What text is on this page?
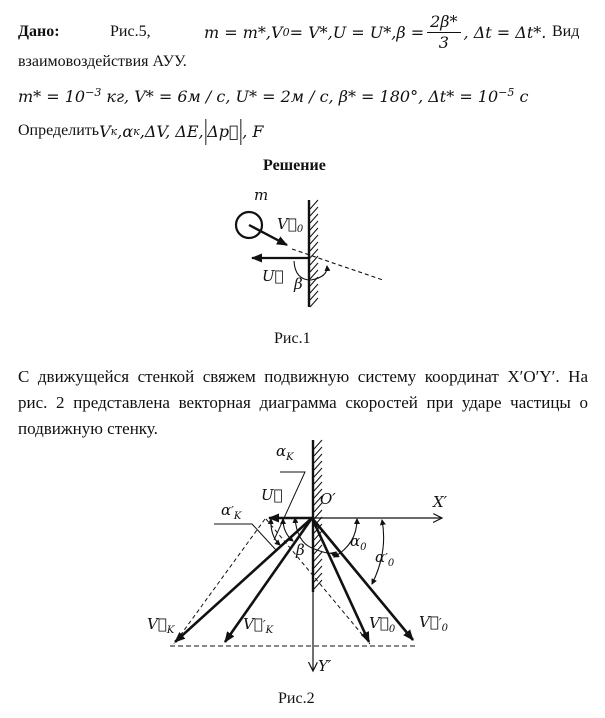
Дано:	Рис.5,	m = m*, V 0 = V*, U = U*, $\beta = \frac{2\beta*}{3}$ , Δt = Δt*. Вид
взаимовоздействия АУУ.
$m* = 10^{-3}$ кг, V* = 6м / с, U* = 2м / с, β* = 180°, $\Delta t* = 10^{-5}$ с
Определить V к , α к , ΔV, ΔE, | Δp⃗ | , F
Решение
m
$V⃗_0$
U⃗ β
$\alpha_K$
$\alpha'_K$
U⃗ O′	X′
Y′
β	$\alpha_0$
$\alpha'_0$
$V⃗_K$	$V⃗'_K$	$V⃗_0$ $V⃗'_0$
Рис.1
С движущейся стенкой свяжем подвижную систему координат X′O′Y′. На
рис. 2 представлена векторная диаграмма скоростей при ударе частицы о
подвижную стенку.
Рис.2
